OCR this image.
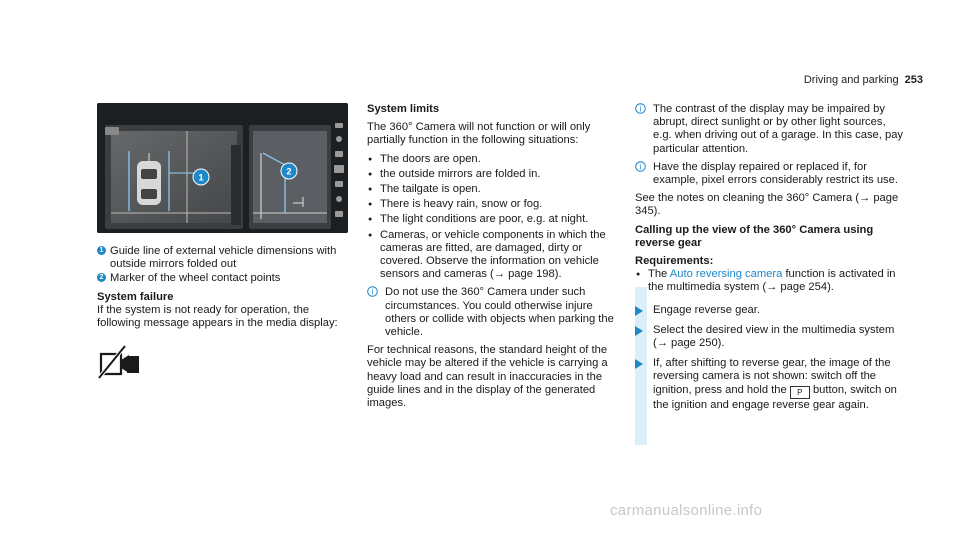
Driving and parking 253
1
2
1 Guide line of external vehicle dimensions with outside mirrors folded out
2 Marker of the wheel contact points
System failure
If the system is not ready for operation, the following message appears in the media display:
System limits

The 360° Camera will not function or will only partially function in the following situations:

● The doors are open.
● the outside mirrors are folded in.
● The tailgate is open.
● There is heavy rain, snow or fog.
● The light conditions are poor, e.g. at night.
● Cameras, or vehicle components in which the cameras are fitted, are damaged, dirty or covered. Observe the information on vehicle sensors and cameras (→ page 198).
i Do not use the 360° Camera under such circumstances. You could otherwise injure others or collide with objects when parking the vehicle.

For technical reasons, the standard height of the vehicle may be altered if the vehicle is carrying a heavy load and can result in inaccuracies in the guide lines and in the display of the generated images.

i The contrast of the display may be impaired by abrupt, direct sunlight or by other light sources, e.g. when driving out of a garage. In this case, pay particular attention.
i Have the display repaired or replaced if, for example, pixel errors considerably restrict its use.

See the notes on cleaning the 360° Camera (→ page 345).

Calling up the view of the 360° Camera using reverse gear
Requirements:
● The Auto reversing camera function is activated in the multimedia system (→ page 254).
Engage reverse gear.
Select the desired view in the multimedia system (→ page 250).
If, after shifting to reverse gear, the image of the reversing camera is not shown: switch off the ignition, press and hold the P button, switch on the ignition and engage reverse gear again.
carmanualsonline.info
